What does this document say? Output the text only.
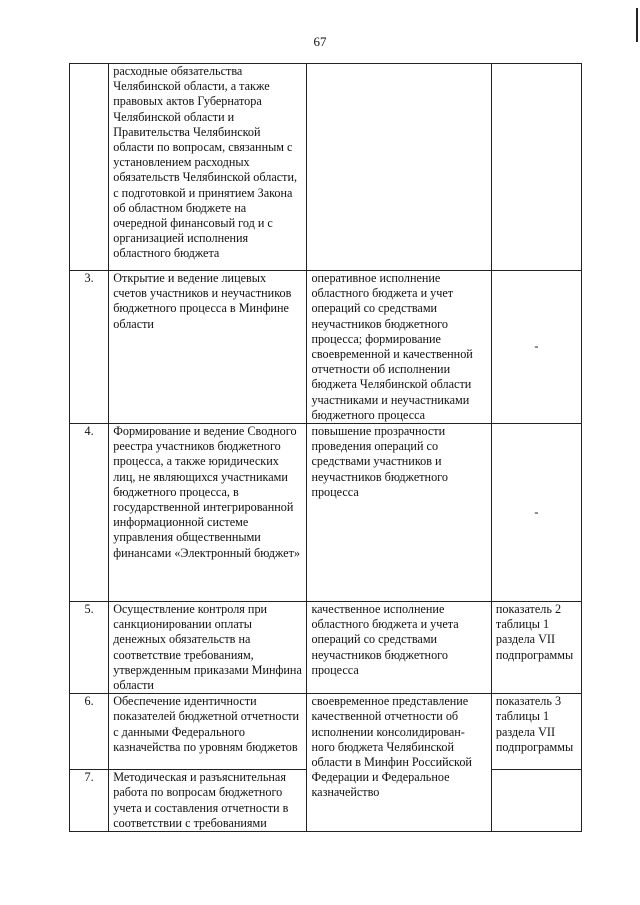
67
	расходные обязательства Челябинской области, а также правовых актов Губернатора Челябинской области и Правительства Челябинской области по вопросам, связанным с установлением расходных обязательств Челябинской области, с подготовкой и принятием Закона об областном бюджете на очередной финансовый год и с организацией исполнения областного бюджета		
3.	Открытие и ведение лицевых счетов участников и неучастников бюджетного процесса в Минфине области	оперативное исполнение областного бюджета и учет операций со средствами неучастников бюджетного процесса; формирование своевременной и качественной отчетности об исполнении бюджета Челябинской области участниками и неучастниками бюджетного процесса	-
4.	Формирование и ведение Сводного реестра участников бюджетного процесса, а также юридических лиц, не являющихся участниками бюджетного процесса, в государственной интегрированной информационной системе управления общественными финансами «Электронный бюджет»	повышение прозрачности проведения операций со средствами участников и неучастников бюджетного процесса	-
5.	Осуществление контроля при санкционировании оплаты денежных обязательств на соответствие требованиям, утвержденным приказами Минфина области	качественное исполнение областного бюджета и учета операций со средствами неучастников бюджетного процесса	показатель 2 таблицы 1 раздела VII подпрограммы
6.	Обеспечение идентичности показателей бюджетной отчетности с данными Федерального казначейства по уровням бюджетов	своевременное представление качественной отчетности об исполнении консолидирован-ного бюджета Челябинской области в Минфин Российской Федерации и Федеральное казначейство	показатель 3 таблицы 1 раздела VII подпрограммы
7.	Методическая и разъяснительная работа по вопросам бюджетного учета и составления отчетности в соответствии с требованиями		
